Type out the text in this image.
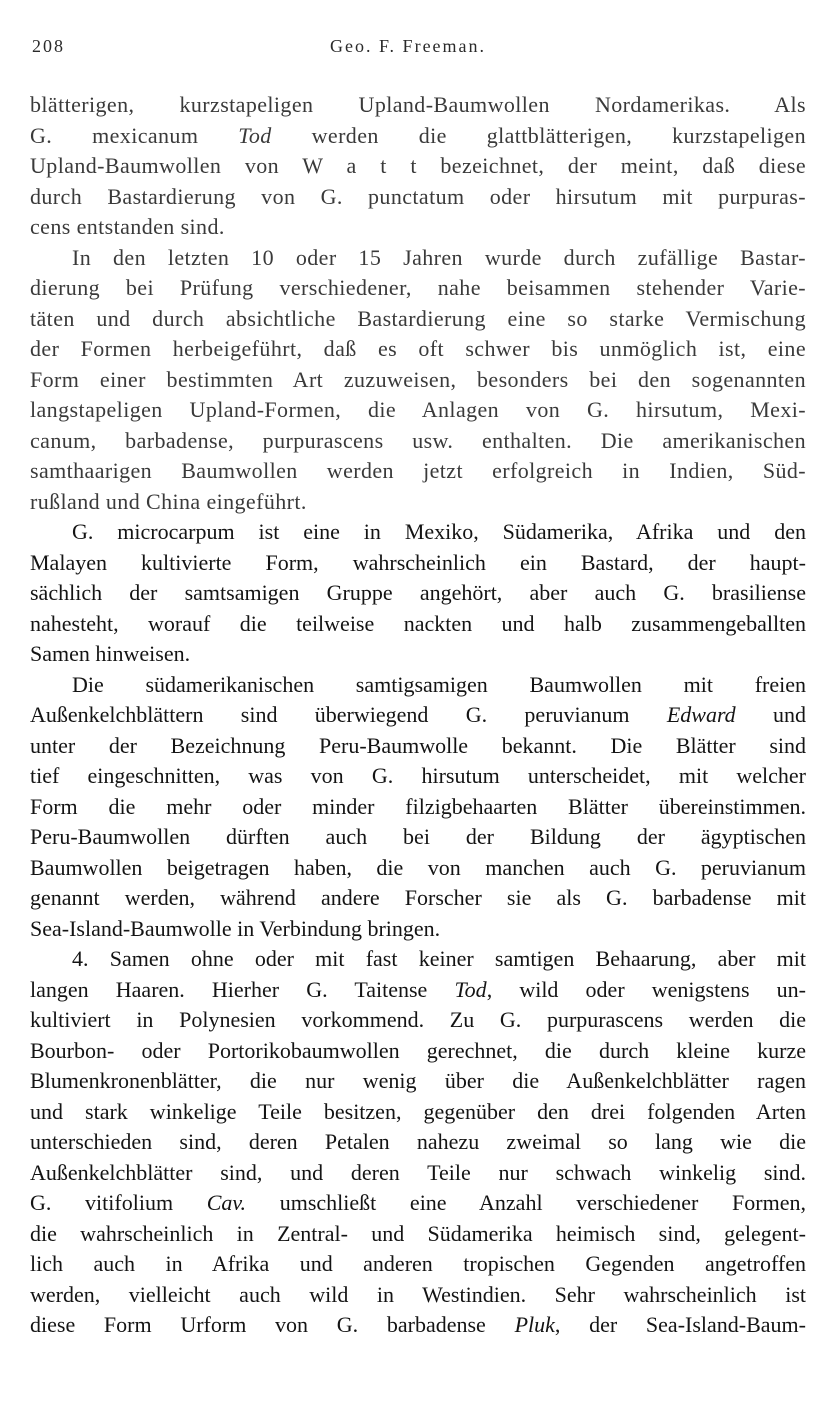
208	Geo. F. Freeman.
blätterigen, kurzstapeligen Upland-Baumwollen Nordamerikas. Als
G. mexicanum Tod werden die glattblätterigen, kurzstapeligen
Upland-Baumwollen von W a t t bezeichnet, der meint, daß diese
durch Bastardierung von G. punctatum oder hirsutum mit purpuras-
cens entstanden sind.
In den letzten 10 oder 15 Jahren wurde durch zufällige Bastar-
dierung bei Prüfung verschiedener, nahe beisammen stehender Varie-
täten und durch absichtliche Bastardierung eine so starke Vermischung
der Formen herbeigeführt, daß es oft schwer bis unmöglich ist, eine
Form einer bestimmten Art zuzuweisen, besonders bei den sogenannten
langstapeligen Upland-Formen, die Anlagen von G. hirsutum, Mexi-
canum, barbadense, purpurascens usw. enthalten. Die amerikanischen
samthaarigen Baumwollen werden jetzt erfolgreich in Indien, Süd-
rußland und China eingeführt.
G. microcarpum ist eine in Mexiko, Südamerika, Afrika und den
Malayen kultivierte Form, wahrscheinlich ein Bastard, der haupt-
sächlich der samtsamigen Gruppe angehört, aber auch G. brasiliense
nahesteht, worauf die teilweise nackten und halb zusammengeballten
Samen hinweisen.
Die südamerikanischen samtigsamigen Baumwollen mit freien
Außenkelchblättern sind überwiegend G. peruvianum Edward und
unter der Bezeichnung Peru-Baumwolle bekannt. Die Blätter sind
tief eingeschnitten, was von G. hirsutum unterscheidet, mit welcher
Form die mehr oder minder filzigbehaarten Blätter übereinstimmen.
Peru-Baumwollen dürften auch bei der Bildung der ägyptischen
Baumwollen beigetragen haben, die von manchen auch G. peruvianum
genannt werden, während andere Forscher sie als G. barbadense mit
Sea-Island-Baumwolle in Verbindung bringen.
4. Samen ohne oder mit fast keiner samtigen Behaarung, aber mit
langen Haaren. Hierher G. Taitense Tod, wild oder wenigstens un-
kultiviert in Polynesien vorkommend. Zu G. purpurascens werden die
Bourbon- oder Portorikobaumwollen gerechnet, die durch kleine kurze
Blumenkronenblätter, die nur wenig über die Außenkelchblätter ragen
und stark winkelige Teile besitzen, gegenüber den drei folgenden Arten
unterschieden sind, deren Petalen nahezu zweimal so lang wie die
Außenkelchblätter sind, und deren Teile nur schwach winkelig sind.
G. vitifolium Cav. umschließt eine Anzahl verschiedener Formen,
die wahrscheinlich in Zentral- und Südamerika heimisch sind, gelegent-
lich auch in Afrika und anderen tropischen Gegenden angetroffen
werden, vielleicht auch wild in Westindien. Sehr wahrscheinlich ist
diese Form Urform von G. barbadense Pluk, der Sea-Island-Baum-
